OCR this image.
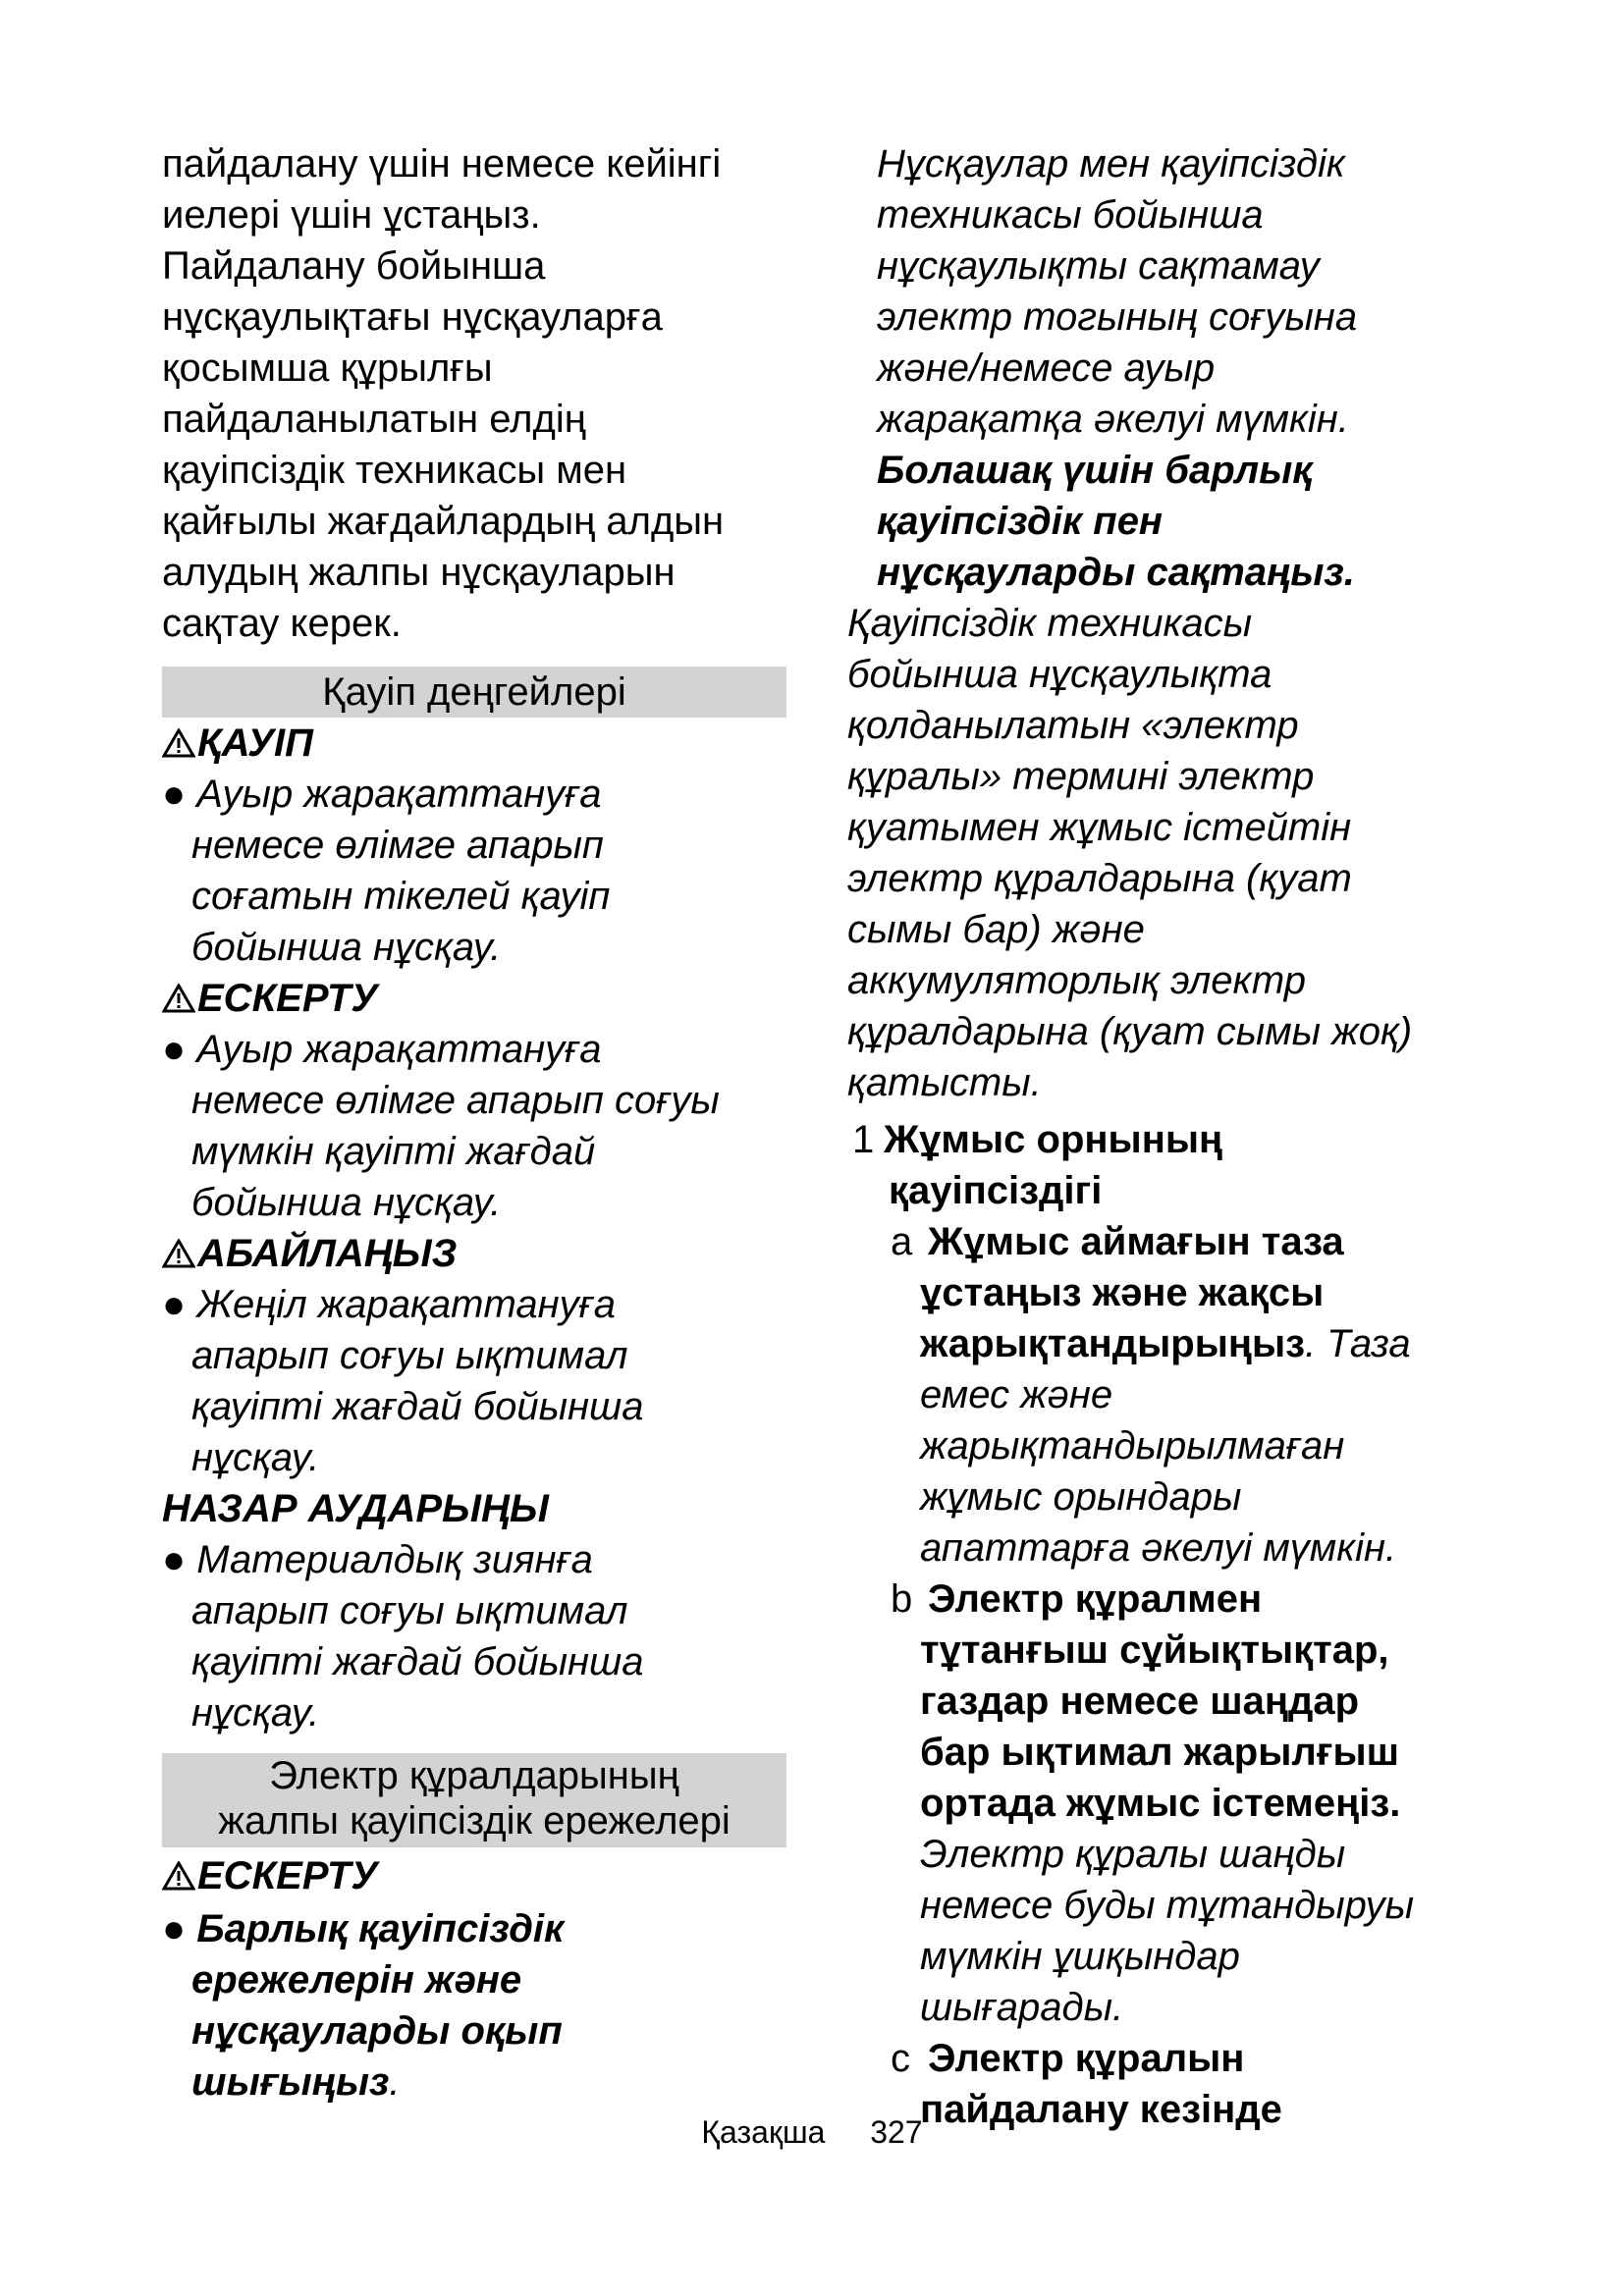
пайдалану үшін немесе кейінгі
иелері үшін ұстаңыз.
Пайдалану бойынша
нұсқаулықтағы нұсқауларға
қосымша құрылғы
пайдаланылатын елдің
қауіпсіздік техникасы мен
қайғылы жағдайлардың алдын
алудың жалпы нұсқауларын
сақтау керек.
Қауіп деңгейлері
ҚАУІП
● Ауыр жарақаттануға
немесе өлімге апарып
соғатын тікелей қауіп
бойынша нұсқау.
ЕСКЕРТУ
● Ауыр жарақаттануға
немесе өлімге апарып соғуы
мүмкін қауіпті жағдай
бойынша нұсқау.
АБАЙЛАҢЫЗ
● Жеңіл жарақаттануға
апарып соғуы ықтимал
қауіпті жағдай бойынша
нұсқау.
НАЗАР АУДАРЫҢЫ
● Материалдық зиянға
апарып соғуы ықтимал
қауіпті жағдай бойынша
нұсқау.
Электр құралдарының
жалпы қауіпсіздік ережелері
ЕСКЕРТУ
● Барлық қауіпсіздік
ережелерін және
нұсқауларды оқып
шығыңыз.
Нұсқаулар мен қауіпсіздік
техникасы бойынша
нұсқаулықты сақтамау
электр тогының соғуына
және/немесе ауыр
жарақатқа әкелуі мүмкін.
Болашақ үшін барлық
қауіпсіздік пен
нұсқауларды сақтаңыз.
Қауіпсіздік техникасы
бойынша нұсқаулықта
қолданылатын «электр
құралы» термині электр
қуатымен жұмыс істейтін
электр құралдарына (қуат
сымы бар) және
аккумуляторлық электр
құралдарына (қуат сымы жоқ)
қатысты.
1 Жұмыс орнының
қауіпсіздігі
a Жұмыс аймағын таза
ұстаңыз және жақсы
жарықтандырыңыз. Таза
емес және
жарықтандырылмаған
жұмыс орындары
апаттарға әкелуі мүмкін.
b Электр құралмен
тұтанғыш сұйықтықтар,
газдар немесе шаңдар
бар ықтимал жарылғыш
ортада жұмыс істемеңіз.
Электр құралы шаңды
немесе буды тұтандыруы
мүмкін ұшқындар
шығарады.
c Электр құралын
пайдалану кезінде
Қазақша 327
